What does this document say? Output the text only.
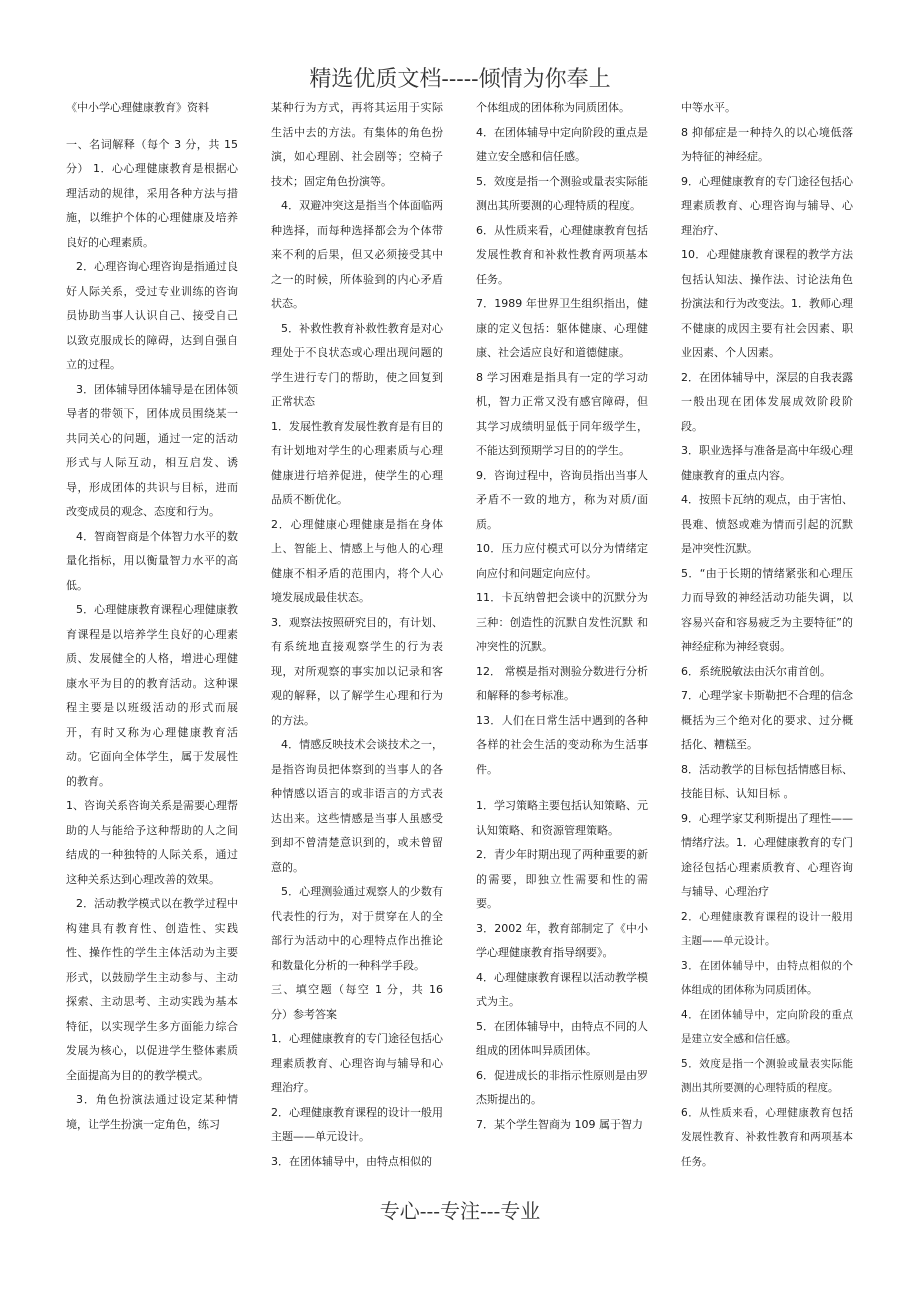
精选优质文档-----倾情为你奉上

《中小学心理健康教育》资料

一、名词解释（每个 3 分，共 15 分） 1．心心理健康教育是根据心理活动的规律，采用各种方法与措施，以维护个体的心理健康及培养良好的心理素质。

2．心理咨询心理咨询是指通过良好人际关系，受过专业训练的咨询员协助当事人认识自己、接受自己以致克服成长的障碍，达到自强自立的过程。

3．团体辅导团体辅导是在团体领导者的带领下，团体成员围绕某一共同关心的问题，通过一定的活动形式与人际互动，相互启发、诱导，形成团体的共识与目标，进而改变成员的观念、态度和行为。

4．智商智商是个体智力水平的数量化指标，用以衡量智力水平的高低。

5．心理健康教育课程心理健康教育课程是以培养学生良好的心理素质、发展健全的人格，增进心理健康水平为目的的教育活动。这种课程主要是以班级活动的形式而展开，有时又称为心理健康教育活动。它面向全体学生，属于发展性的教育。

1、咨询关系咨询关系是需要心理帮助的人与能给予这种帮助的人之间结成的一种独特的人际关系，通过这种关系达到心理改善的效果。

2．活动教学模式以在教学过程中构建具有教育性、创造性、实践性、操作性的学生主体活动为主要形式，以鼓励学生主动参与、主动探索、主动思考、主动实践为基本特征，以实现学生多方面能力综合发展为核心，以促进学生整体素质全面提高为目的的教学模式。

3．角色扮演法通过设定某种情境，让学生扮演一定角色，练习

某种行为方式，再将其运用于实际生活中去的方法。有集体的角色扮演，如心理剧、社会剧等；空椅子技术；固定角色扮演等。

4．双避冲突这是指当个体面临两种选择，而每种选择都会为个体带来不利的后果，但又必须接受其中之一的时候，所体验到的内心矛盾状态。

5．补救性教育补救性教育是对心理处于不良状态或心理出现问题的学生进行专门的帮助，使之回复到正常状态

1．发展性教育发展性教育是有目的有计划地对学生的心理素质与心理健康进行培养促进，使学生的心理品质不断优化。

2．心理健康心理健康是指在身体上、智能上、情感上与他人的心理健康不相矛盾的范围内，将个人心境发展成最佳状态。

3．观察法按照研究目的，有计划、有系统地直接观察学生的行为表现，对所观察的事实加以记录和客观的解释，以了解学生心理和行为的方法。

4．情感反映技术会谈技术之一，是指咨询员把体察到的当事人的各种情感以语言的或非语言的方式表达出来。这些情感是当事人虽感受到却不曾清楚意识到的，或未曾留意的。

5．心理测验通过观察人的少数有代表性的行为，对于贯穿在人的全部行为活动中的心理特点作出推论和数量化分析的一种科学手段。

三、填空题（每空 1 分，共 16 分）参考答案

1．心理健康教育的专门途径包括心理素质教育、心理咨询与辅导和心理治疗。

2．心理健康教育课程的设计一般用主题——单元设计。

3．在团体辅导中，由特点相似的

个体组成的团体称为同质团体。

4．在团体辅导中定向阶段的重点是建立安全感和信任感。

5．效度是指一个测验或量表实际能测出其所要测的心理特质的程度。

6．从性质来看，心理健康教育包括发展性教育和补救性教育两项基本任务。

7．1989 年世界卫生组织指出，健康的定义包括：躯体健康、心理健康、社会适应良好和道德健康。

8 学习困难是指具有一定的学习动机，智力正常又没有感官障碍，但其学习成绩明显低于同年级学生，不能达到预期学习目的的学生。

9．咨询过程中，咨询员指出当事人矛盾不一致的地方，称为对质/面质。

10．压力应付模式可以分为情绪定向应付和问题定向应付。

11．卡瓦纳曾把会谈中的沉默分为三种：创造性的沉默自发性沉默 和冲突性的沉默。

12． 常模是指对测验分数进行分析和解释的参考标准。

13．人们在日常生活中遇到的各种各样的社会生活的变动称为生活事件。

1．学习策略主要包括认知策略、元认知策略、和资源管理策略。

2．青少年时期出现了两种重要的新的需要，即独立性需要和性的需要。

3．2002 年，教育部制定了《中小学心理健康教育指导纲要》。

4．心理健康教育课程以活动教学模式为主。

5．在团体辅导中，由特点不同的人组成的团体叫异质团体。

6．促进成长的非指示性原则是由罗杰斯提出的。

7．某个学生智商为 109 属于智力

中等水平。

8 抑郁症是一种持久的以心境低落为特征的神经症。

9．心理健康教育的专门途径包括心理素质教育、心理咨询与辅导、心理治疗、

10．心理健康教育课程的教学方法包括认知法、操作法、讨论法角色扮演法和行为改变法。1．教师心理不健康的成因主要有社会因素、职业因素、个人因素。

2．在团体辅导中，深层的自我表露一般出现在团体发展成效阶段阶段。

3．职业选择与准备是高中年级心理健康教育的重点内容。

4．按照卡瓦纳的观点，由于害怕、畏难、愤怒或难为情而引起的沉默是冲突性沉默。

5．“由于长期的情绪紧张和心理压力而导致的神经活动功能失调，以容易兴奋和容易疲乏为主要特征”的神经症称为神经衰弱。

6．系统脱敏法由沃尔甫首创。

7．心理学家卡斯勒把不合理的信念概括为三个绝对化的要求、过分概括化、糟糕至。

8．活动教学的目标包括情感目标、技能目标、认知目标 。

9．心理学家艾利斯提出了理性——情绪疗法。1．心理健康教育的专门途径包括心理素质教育、心理咨询与辅导、心理治疗

2．心理健康教育课程的设计一般用主题——单元设计。

3．在团体辅导中，由特点相似的个体组成的团体称为同质团体。

4．在团体辅导中，定向阶段的重点是建立安全感和信任感。

5．效度是指一个测验或量表实际能测出其所要测的心理特质的程度。

6．从性质来看，心理健康教育包括发展性教育、补救性教育和两项基本任务。

专心---专注---专业
